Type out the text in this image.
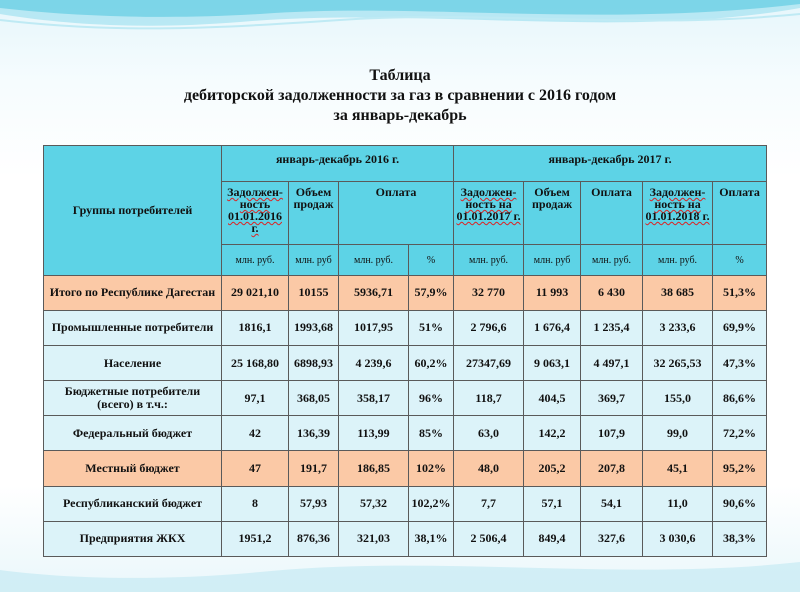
Таблица
дебиторской задолженности за газ в сравнении с 2016 годом
за январь-декабрь
Группы потребителей	январь-декабрь 2016 г.				январь-декабрь 2017 г.				
	Задолжен-ность 01.01.2016 г.	Объем продаж	Оплата		Задолжен-ность на 01.01.2017 г.	Объем продаж	Оплата	Задолжен-ность на 01.01.2018 г.	Оплата
	млн. руб.	млн. руб	млн. руб.	%	млн. руб.	млн. руб	млн. руб.	млн. руб.	%
Итого по Республике Дагестан	29 021,10	10155	5936,71	57,9%	32 770	11 993	6 430	38 685	51,3%
Промышленные потребители	1816,1	1993,68	1017,95	51%	2 796,6	1 676,4	1 235,4	3 233,6	69,9%
Население	25 168,80	6898,93	4 239,6	60,2%	27347,69	9 063,1	4 497,1	32 265,53	47,3%
Бюджетные потребители (всего) в т.ч.:	97,1	368,05	358,17	96%	118,7	404,5	369,7	155,0	86,6%
Федеральный бюджет	42	136,39	113,99	85%	63,0	142,2	107,9	99,0	72,2%
Местный бюджет	47	191,7	186,85	102%	48,0	205,2	207,8	45,1	95,2%
Республиканский бюджет	8	57,93	57,32	102,2%	7,7	57,1	54,1	11,0	90,6%
Предприятия ЖКХ	1951,2	876,36	321,03	38,1%	2 506,4	849,4	327,6	3 030,6	38,3%
